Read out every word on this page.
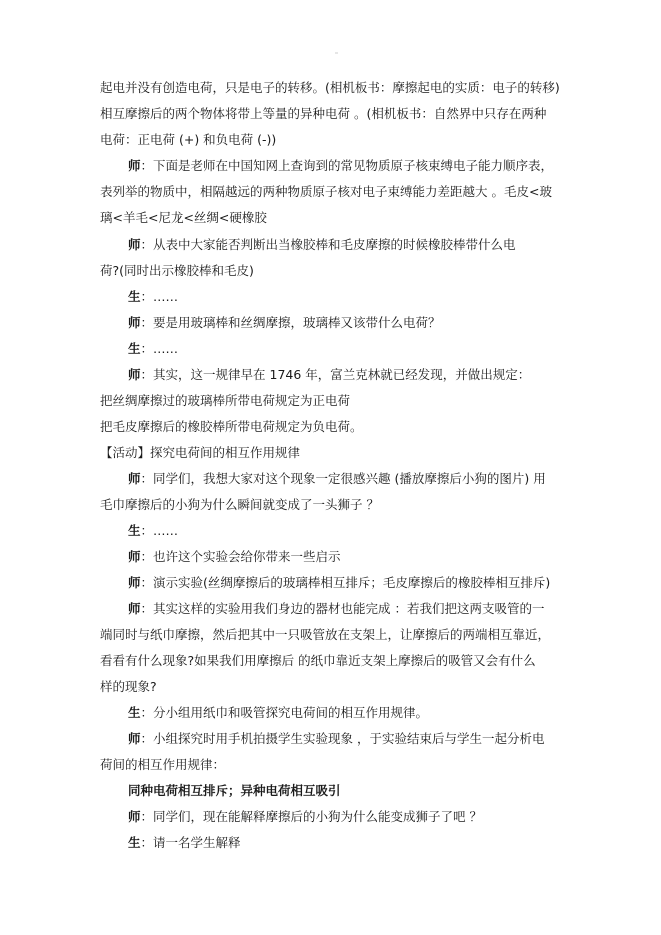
起电并没有创造电荷，只是电子的转移。(相机板书：摩擦起电的实质：电子的转移)
相互摩擦后的两个物体将带上等量的异种电荷 。(相机板书：自然界中只存在两种
电荷：正电荷 (+) 和负电荷 (-))
师：下面是老师在中国知网上查询到的常见物质原子核束缚电子能力顺序表，
表列举的物质中，相隔越远的两种物质原子核对电子束缚能力差距越大 。毛皮<玻
璃<羊毛<尼龙<丝绸<硬橡胶
师：从表中大家能否判断出当橡胶棒和毛皮摩擦的时候橡胶棒带什么电
荷?(同时出示橡胶棒和毛皮)
生：……
师：要是用玻璃棒和丝绸摩擦，玻璃棒又该带什么电荷？
生：……
师：其实，这一规律早在 1746 年，富兰克林就已经发现，并做出规定：
把丝绸摩擦过的玻璃棒所带电荷规定为正电荷
把毛皮摩擦后的橡胶棒所带电荷规定为负电荷。
【活动】探究电荷间的相互作用规律
师：同学们，我想大家对这个现象一定很感兴趣 (播放摩擦后小狗的图片) 用
毛巾摩擦后的小狗为什么瞬间就变成了一头狮子 ？
生：……
师：也许这个实验会给你带来一些启示
师：演示实验(丝绸摩擦后的玻璃棒相互排斥；毛皮摩擦后的橡胶棒相互排斥)
师：其实这样的实验用我们身边的器材也能完成 ：若我们把这两支吸管的一
端同时与纸巾摩擦，然后把其中一只吸管放在支架上，让摩擦后的两端相互靠近，
看看有什么现象?如果我们用摩擦后 的纸巾靠近支架上摩擦后的吸管又会有什么
样的现象?
生：分小组用纸巾和吸管探究电荷间的相互作用规律。
师：小组探究时用手机拍摄学生实验现象 ，于实验结束后与学生一起分析电
荷间的相互作用规律：
同种电荷相互排斥；异种电荷相互吸引
师：同学们，现在能解释摩擦后的小狗为什么能变成狮子了吧 ？
生：请一名学生解释
